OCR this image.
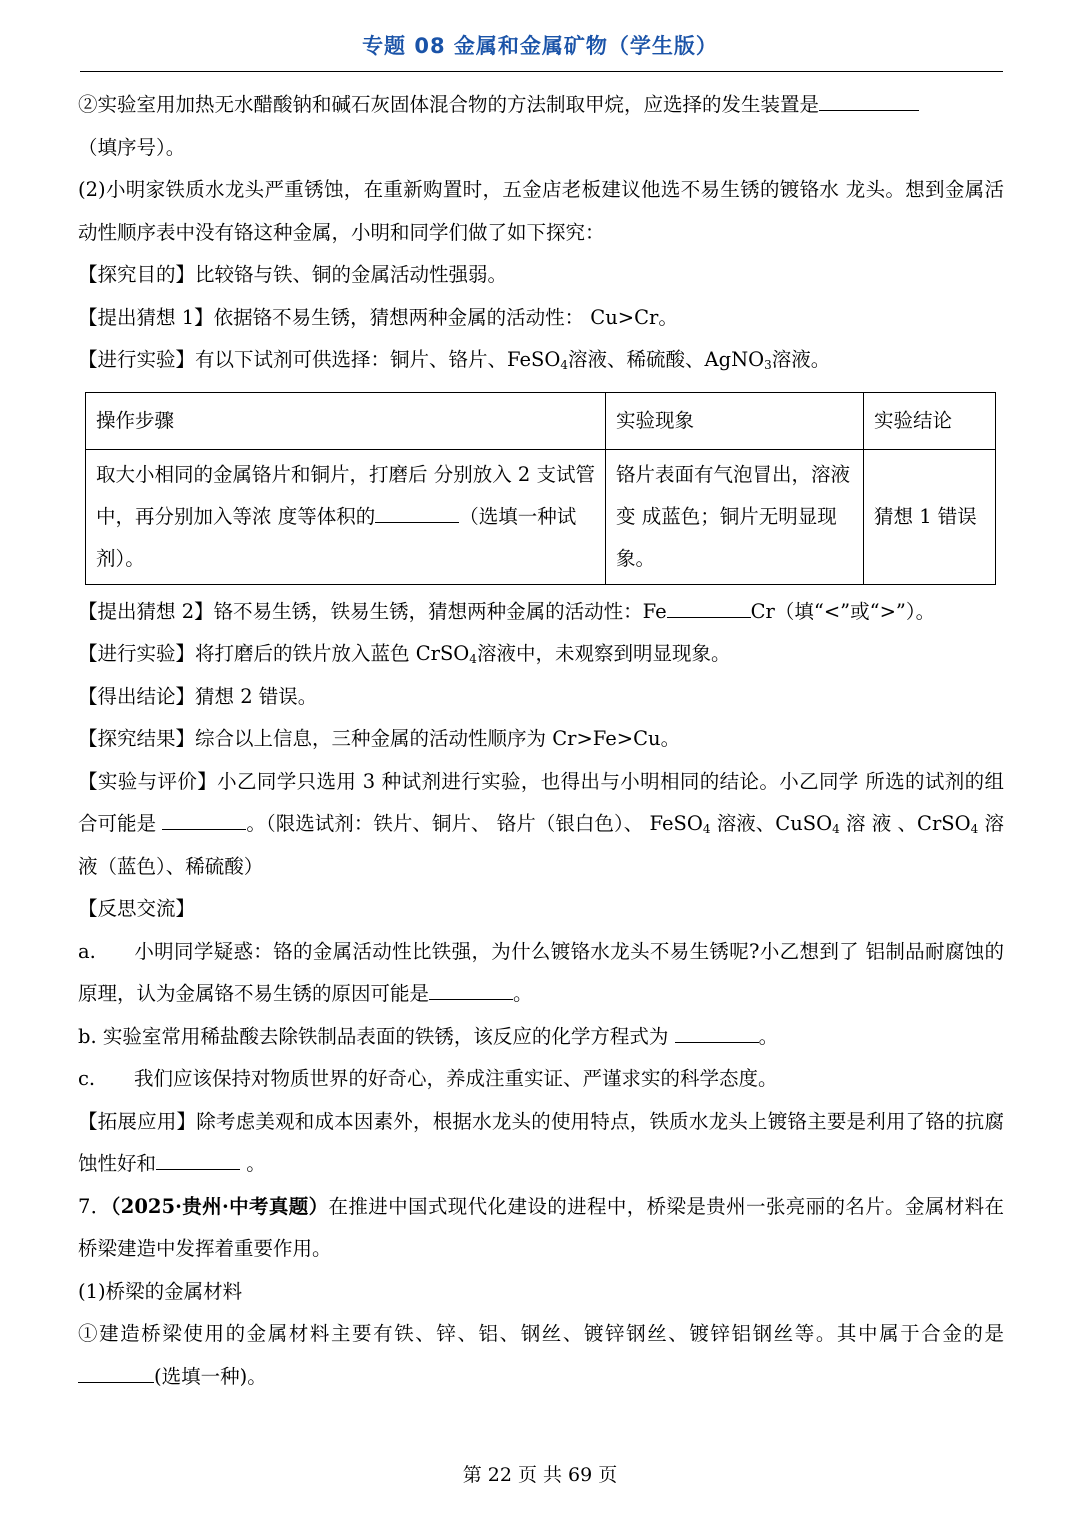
专题 08 金属和金属矿物（学生版）

②实验室用加热无水醋酸钠和碱石灰固体混合物的方法制取甲烷，应选择的发生装置是

（填序号）。

(2)小明家铁质水龙头严重锈蚀，在重新购置时，五金店老板建议他选不易生锈的镀铬水 龙头。想到金属活动性顺序表中没有铬这种金属，小明和同学们做了如下探究：

【探究目的】比较铬与铁、铜的金属活动性强弱。

【提出猜想 1】依据铬不易生锈，猜想两种金属的活动性： Cu>Cr。

【进行实验】有以下试剂可供选择：铜片、铬片、FeSO$_4$溶液、稀硫酸、AgNO$_3$溶液。

操作步骤	实验现象	实验结论
取大小相同的金属铬片和铜片，打磨后 分别放入 2 支试管中，再分别加入等浓 度等体积的 （选填一种试剂）。	铬片表面有气泡冒出，溶液变 成蓝色；铜片无明显现象。	猜想 1 错误

【提出猜想 2】铬不易生锈，铁易生锈，猜想两种金属的活动性：Fe	Cr（填“<”或“>”）。

【进行实验】将打磨后的铁片放入蓝色 CrSO$_4$溶液中，未观察到明显现象。

【得出结论】猜想 2 错误。

【探究结果】综合以上信息，三种金属的活动性顺序为 Cr>Fe>Cu。

【实验与评价】小乙同学只选用 3 种试剂进行实验，也得出与小明相同的结论。小乙同学 所选的试剂的组合可能是	。（限选试剂：铁片、铜片、 铬片（银白色）、 FeSO$_4$ 溶液、CuSO$_4$ 溶 液 、CrSO$_4$ 溶液（蓝色）、稀硫酸）

【反思交流】

a. 小明同学疑惑：铬的金属活动性比铁强，为什么镀铬水龙头不易生锈呢?小乙想到了 铝制品耐腐蚀的原理，认为金属铬不易生锈的原因可能是	。

b. 实验室常用稀盐酸去除铁制品表面的铁锈，该反应的化学方程式为	。

c. 我们应该保持对物质世界的好奇心，养成注重实证、严谨求实的科学态度。

【拓展应用】除考虑美观和成本因素外，根据水龙头的使用特点，铁质水龙头上镀铬主要是利用了铬的抗腐蚀性好和	。

7．（2025·贵州·中考真题）在推进中国式现代化建设的进程中，桥梁是贵州一张亮丽的名片。金属材料在桥梁建造中发挥着重要作用。

(1)桥梁的金属材料

①建造桥梁使用的金属材料主要有铁、锌、铝、钢丝、镀锌钢丝、镀锌铝钢丝等。其中属于合金的是(选填一种)。

第 22 页 共 69 页
